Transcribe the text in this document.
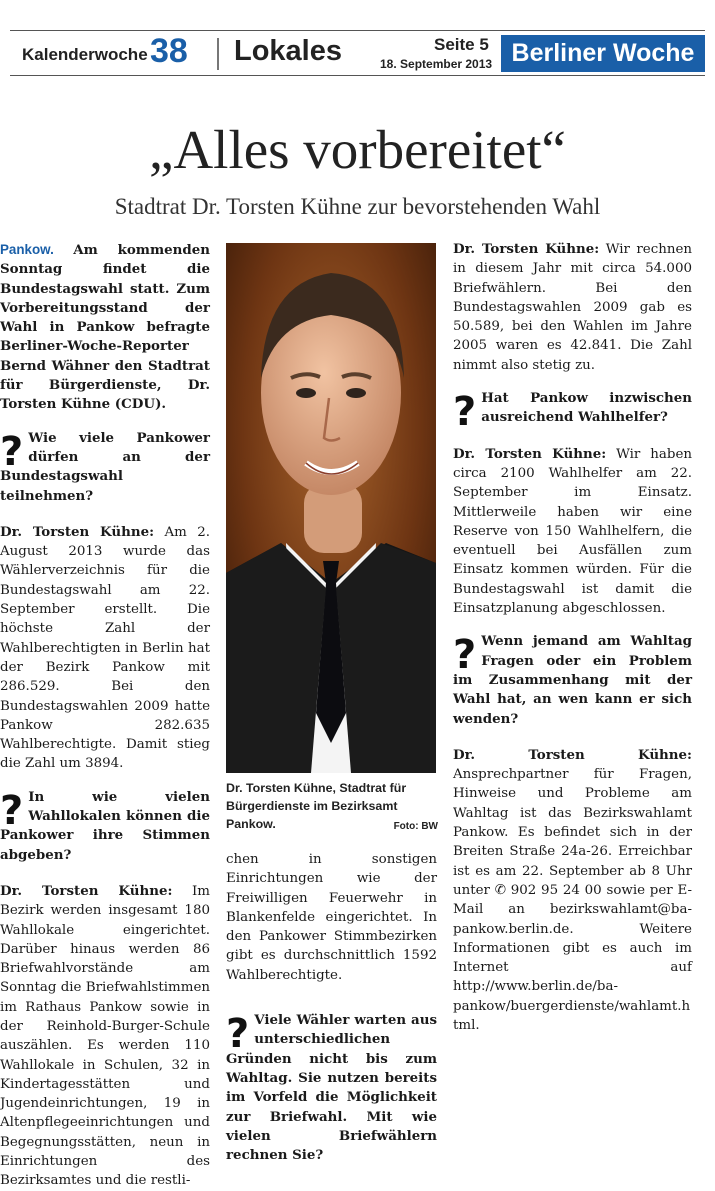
Kalenderwoche 38 Lokales	Seite 5
18. September 2013 Berliner Woche
„Alles vorbereitet“
Stadtrat Dr. Torsten Kühne zur bevorstehenden Wahl

Pankow. Am kommenden Sonntag findet die Bundestagswahl statt. Zum Vorbereitungsstand der Wahl in Pankow befragte Berliner-Woche-Reporter Bernd Wähner den Stadtrat für Bürgerdienste, Dr. Torsten Kühne (CDU).

? Wie viele Pankower dürfen an der Bundestagswahl teilnehmen?

Dr. Torsten Kühne: Am 2. August 2013 wurde das Wählerverzeichnis für die Bundestagswahl am 22. September erstellt. Die höchste Zahl der Wahlberechtigten in Berlin hat der Bezirk Pankow mit 286.529. Bei den Bundestagswahlen 2009 hatte Pankow 282.635 Wahlberechtigte. Damit stieg die Zahl um 3894.

? In wie vielen Wahllokalen können die Pankower ihre Stimmen abgeben?

Dr. Torsten Kühne: Im Bezirk werden insgesamt 180 Wahllokale eingerichtet. Darüber hinaus werden 86 Briefwahlvorstände am Sonntag die Briefwahlstimmen im Rathaus Pankow sowie in der Reinhold-Burger-Schule auszählen. Es werden 110 Wahllokale in Schulen, 32 in Kindertagesstätten und Jugendeinrichtungen, 19 in Altenpflegeeinrichtungen und Begegnungsstätten, neun in Einrichtungen des Bezirksamtes und die restli-

Dr. Torsten Kühne, Stadtrat für Bürgerdienste im Bezirksamt Pankow.	Foto: BW

chen in sonstigen Einrichtungen wie der Freiwilligen Feuerwehr in Blankenfelde eingerichtet. In den Pankower Stimmbezirken gibt es durchschnittlich 1592 Wahlberechtigte.

? Viele Wähler warten aus unterschiedlichen Gründen nicht bis zum Wahltag. Sie nutzen bereits im Vorfeld die Möglichkeit zur Briefwahl. Mit wie vielen Briefwählern rechnen Sie?

Dr. Torsten Kühne: Wir rechnen in diesem Jahr mit circa 54.000 Briefwählern. Bei den Bundestagswahlen 2009 gab es 50.589, bei den Wahlen im Jahre 2005 waren es 42.841. Die Zahl nimmt also stetig zu.

? Hat Pankow inzwischen ausreichend Wahlhelfer?

Dr. Torsten Kühne: Wir haben circa 2100 Wahlhelfer am 22. September im Einsatz. Mittlerweile haben wir eine Reserve von 150 Wahlhelfern, die eventuell bei Ausfällen zum Einsatz kommen würden. Für die Bundestagswahl ist damit die Einsatzplanung abgeschlossen.

? Wenn jemand am Wahltag Fragen oder ein Problem im Zusammenhang mit der Wahl hat, an wen kann er sich wenden?

Dr. Torsten Kühne: Ansprechpartner für Fragen, Hinweise und Probleme am Wahltag ist das Bezirkswahlamt Pankow. Es befindet sich in der Breiten Straße 24a-26. Erreichbar ist es am 22. September ab 8 Uhr unter ✆ 902 95 24 00 sowie per E-Mail an bezirkswahlamt@ba-pankow.berlin.de. Weitere Informationen gibt es auch im Internet auf http://www.berlin.de/ba-pankow/buergerdienste/wahlamt.html.
